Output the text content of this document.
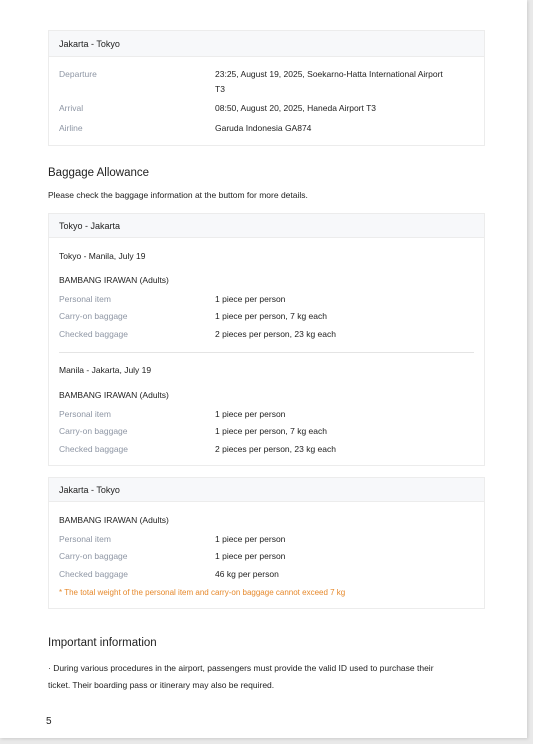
Jakarta - Tokyo
Departure	23:25, August 19, 2025, Soekarno-Hatta International Airport
T3
Arrival	08:50, August 20, 2025, Haneda Airport T3
Airline	Garuda Indonesia GA874
Baggage Allowance
Please check the baggage information at the buttom for more details.
Tokyo - Jakarta
Tokyo - Manila, July 19
BAMBANG IRAWAN (Adults)
Personal item	1 piece per person
Carry-on baggage	1 piece per person, 7 kg each
Checked baggage	2 pieces per person, 23 kg each
Manila - Jakarta, July 19
BAMBANG IRAWAN (Adults)
Personal item	1 piece per person
Carry-on baggage	1 piece per person, 7 kg each
Checked baggage	2 pieces per person, 23 kg each
Jakarta - Tokyo
BAMBANG IRAWAN (Adults)
Personal item	1 piece per person
Carry-on baggage	1 piece per person
Checked baggage	46 kg per person
* The total weight of the personal item and carry-on baggage cannot exceed 7 kg
Important information
· During various procedures in the airport, passengers must provide the valid ID used to purchase their
ticket. Their boarding pass or itinerary may also be required.
5
